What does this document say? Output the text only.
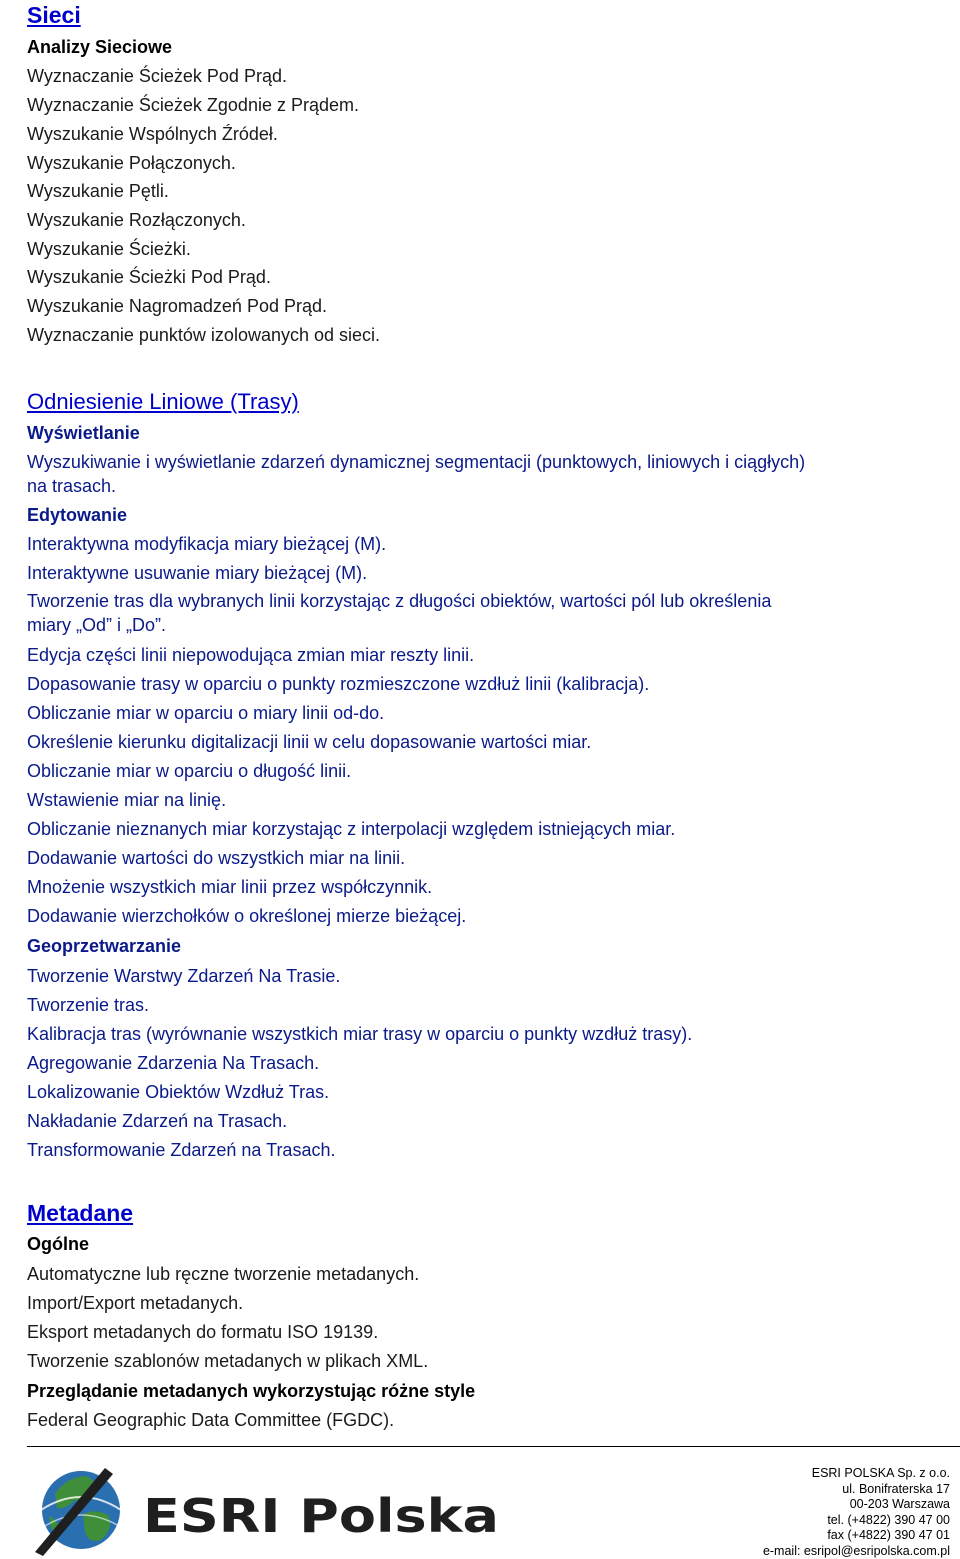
Sieci
Analizy Sieciowe
Wyznaczanie Ścieżek Pod Prąd.
Wyznaczanie Ścieżek Zgodnie z Prądem.
Wyszukanie Wspólnych Źródeł.
Wyszukanie Połączonych.
Wyszukanie Pętli.
Wyszukanie Rozłączonych.
Wyszukanie Ścieżki.
Wyszukanie Ścieżki Pod Prąd.
Wyszukanie Nagromadzeń Pod Prąd.
Wyznaczanie punktów izolowanych od sieci.
Odniesienie Liniowe (Trasy)
Wyświetlanie
Wyszukiwanie i wyświetlanie zdarzeń dynamicznej segmentacji (punktowych, liniowych i ciągłych)
na trasach.
Edytowanie
Interaktywna modyfikacja miary bieżącej (M).
Interaktywne usuwanie miary bieżącej (M).
Tworzenie tras dla wybranych linii korzystając z długości obiektów, wartości pól lub określenia
miary „Od” i „Do”.
Edycja części linii niepowodująca zmian miar reszty linii.
Dopasowanie trasy w oparciu o punkty rozmieszczone wzdłuż linii (kalibracja).
Obliczanie miar w oparciu o miary linii od-do.
Określenie kierunku digitalizacji linii w celu dopasowanie wartości miar.
Obliczanie miar w oparciu o długość linii.
Wstawienie miar na linię.
Obliczanie nieznanych miar korzystając z interpolacji względem istniejących miar.
Dodawanie wartości do wszystkich miar na linii.
Mnożenie wszystkich miar linii przez współczynnik.
Dodawanie wierzchołków o określonej mierze bieżącej.
Geoprzetwarzanie
Tworzenie Warstwy Zdarzeń Na Trasie.
Tworzenie tras.
Kalibracja tras (wyrównanie wszystkich miar trasy w oparciu o punkty wzdłuż trasy).
Agregowanie Zdarzenia Na Trasach.
Lokalizowanie Obiektów Wzdłuż Tras.
Nakładanie Zdarzeń na Trasach.
Transformowanie Zdarzeń na Trasach.
Metadane
Ogólne
Automatyczne lub ręczne tworzenie metadanych.
Import/Export metadanych.
Eksport metadanych do formatu ISO 19139.
Tworzenie szablonów metadanych w plikach XML.
Przeglądanie metadanych wykorzystując różne style
Federal Geographic Data Committee (FGDC).
ESRI Polska
ESRI POLSKA Sp. z o.o.
ul. Bonifraterska 17
00-203 Warszawa
tel. (+4822) 390 47 00
fax (+4822) 390 47 01
e-mail: esripol@esripolska.com.pl
